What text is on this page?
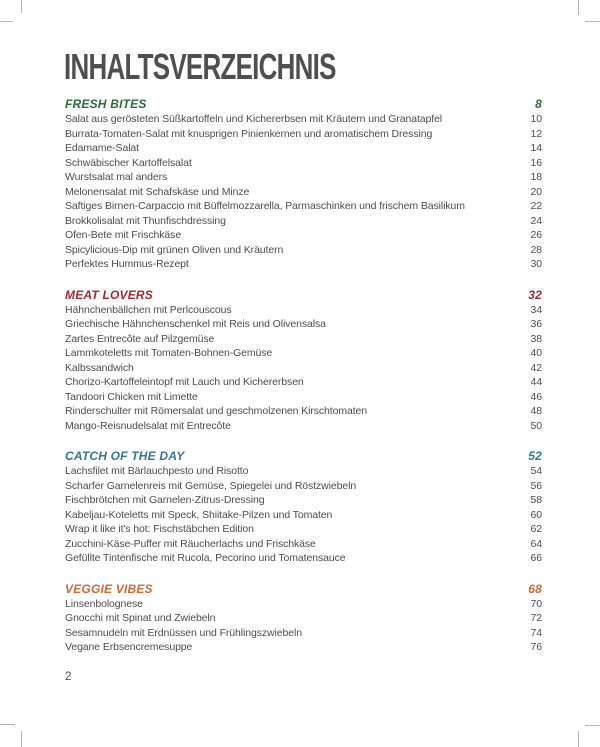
INHALTSVERZEICHNIS
FRESH BITES	8
Salat aus gerösteten Süßkartoffeln und Kichererbsen mit Kräutern und Granatapfel	10
Burrata-Tomaten-Salat mit knusprigen Pinienkernen und aromatischem Dressing	12
Edamame-Salat	14
Schwäbischer Kartoffelsalat	16
Wurstsalat mal anders	18
Melonensalat mit Schafskäse und Minze	20
Saftiges Birnen-Carpaccio mit Büffelmozzarella, Parmaschinken und frischem Basilikum	22
Brokkolisalat mit Thunfischdressing	24
Ofen-Bete mit Frischkäse	26
Spicylicious-Dip mit grünen Oliven und Kräutern	28
Perfektes Hummus-Rezept	30
MEAT LOVERS	32
Hähnchenbällchen mit Perlcouscous	34
Griechische Hähnchenschenkel mit Reis und Olivensalsa	36
Zartes Entrecôte auf Pilzgemüse	38
Lammkoteletts mit Tomaten-Bohnen-Gemüse	40
Kalbssandwich	42
Chorizo-Kartoffeleintopf mit Lauch und Kichererbsen	44
Tandoori Chicken mit Limette	46
Rinderschulter mit Römersalat und geschmolzenen Kirschtomaten	48
Mango-Reisnudelsalat mit Entrecôte	50
CATCH OF THE DAY	52
Lachsfilet mit Bärlauchpesto und Risotto	54
Scharfer Garnelenreis mit Gemüse, Spiegelei und Röstzwiebeln	56
Fischbrötchen mit Garnelen-Zitrus-Dressing	58
Kabeljau-Koteletts mit Speck, Shiitake-Pilzen und Tomaten	60
Wrap it like it's hot: Fischstäbchen Edition	62
Zucchini-Käse-Puffer mit Räucherlachs und Frischkäse	64
Gefüllte Tintenfische mit Rucola, Pecorino und Tomatensauce	66
VEGGIE VIBES	68
Linsenbolognese	70
Gnocchi mit Spinat und Zwiebeln	72
Sesamnudeln mit Erdnüssen und Frühlingszwiebeln	74
Vegane Erbsencremesuppe	76
2
